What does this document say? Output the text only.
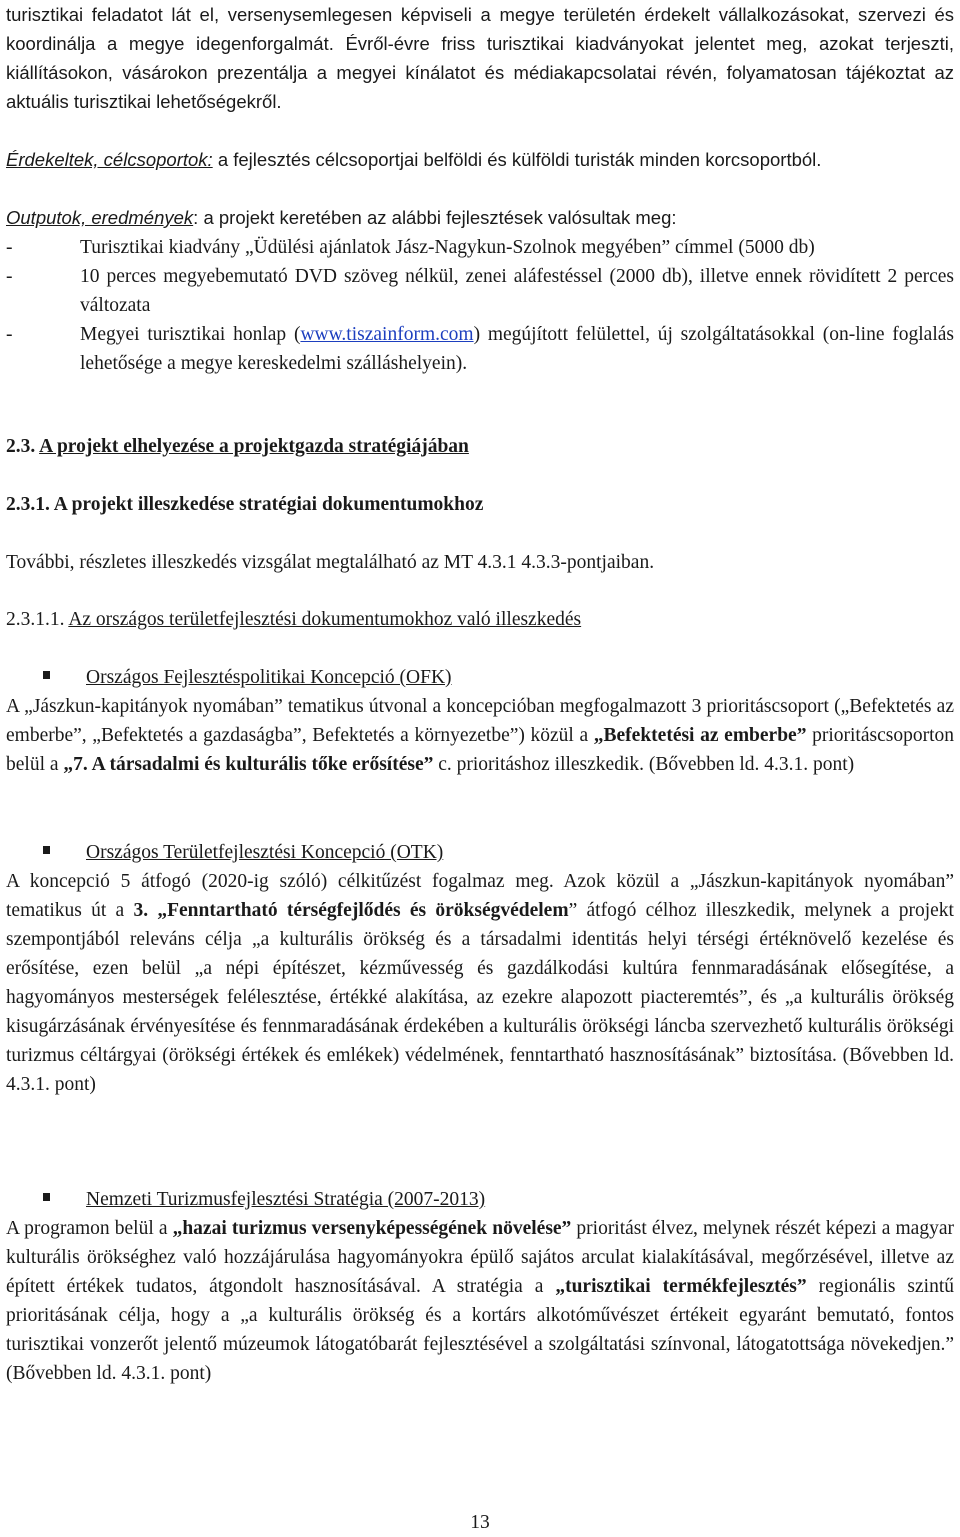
turisztikai feladatot lát el, versenysemlegesen képviseli a megye területén érdekelt vállalkozásokat, szervezi és koordinálja a megye idegenforgalmát. Évről-évre friss turisztikai kiadványokat jelentet meg, azokat terjeszti, kiállításokon, vásárokon prezentálja a megyei kínálatot és médiakapcsolatai révén, folyamatosan tájékoztat az aktuális turisztikai lehetőségekről.
Érdekeltek, célcsoportok: a fejlesztés célcsoportjai belföldi és külföldi turisták minden korcsoportból.
Outputok, eredmények: a projekt keretében az alábbi fejlesztések valósultak meg:
-	Turisztikai kiadvány „Üdülési ajánlatok Jász-Nagykun-Szolnok megyében” címmel (5000 db)
-	10 perces megyebemutató DVD szöveg nélkül, zenei aláfestéssel (2000 db), illetve ennek rövidített 2 perces változata
-	Megyei turisztikai honlap (www.tiszainform.com) megújított felülettel, új szolgáltatásokkal (on-line foglalás lehetősége a megye kereskedelmi szálláshelyein).
2.3. A projekt elhelyezése a projektgazda stratégiájában
2.3.1. A projekt illeszkedése stratégiai dokumentumokhoz
További, részletes illeszkedés vizsgálat megtalálható az MT 4.3.1 4.3.3-pontjaiban.
2.3.1.1. Az országos területfejlesztési dokumentumokhoz való illeszkedés
Országos Fejlesztéspolitikai Koncepció (OFK)
A „Jászkun-kapitányok nyomában” tematikus útvonal a koncepcióban megfogalmazott 3 prioritáscsoport („Befektetés az emberbe”, „Befektetés a gazdaságba”, Befektetés a környezetbe”) közül a „Befektetési az emberbe” prioritáscsoporton belül a „7. A társadalmi és kulturális tőke erősítése” c. prioritáshoz illeszkedik. (Bővebben ld. 4.3.1. pont)
Országos Területfejlesztési Koncepció (OTK)
A koncepció 5 átfogó (2020-ig szóló) célkitűzést fogalmaz meg. Azok közül a „Jászkun-kapitányok nyomában” tematikus út a 3. „Fenntartható térségfejlődés és örökségvédelem” átfogó célhoz illeszkedik, melynek a projekt szempontjából releváns célja „a kulturális örökség és a társadalmi identitás helyi térségi értéknövelő kezelése és erősítése, ezen belül „a népi építészet, kézművesség és gazdálkodási kultúra fennmaradásának elősegítése, a hagyományos mesterségek felélesztése, értékké alakítása, az ezekre alapozott piacteremtés”, és „a kulturális örökség kisugárzásának érvényesítése és fennmaradásának érdekében a kulturális örökségi láncba szervezhető kulturális örökségi turizmus céltárgyai (örökségi értékek és emlékek) védelmének, fenntartható hasznosításának” biztosítása. (Bővebben ld. 4.3.1. pont)
Nemzeti Turizmusfejlesztési Stratégia (2007-2013)
A programon belül a „hazai turizmus versenyképességének növelése” prioritást élvez, melynek részét képezi a magyar kulturális örökséghez való hozzájárulása hagyományokra épülő sajátos arculat kialakításával, megőrzésével, illetve az épített értékek tudatos, átgondolt hasznosításával. A stratégia a „turisztikai termékfejlesztés” regionális szintű prioritásának célja, hogy a „a kulturális örökség és a kortárs alkotóművészet értékeit egyaránt bemutató, fontos turisztikai vonzerőt jelentő múzeumok látogatóbarát fejlesztésével a szolgáltatási színvonal, látogatottsága növekedjen.” (Bővebben ld. 4.3.1. pont)
13
